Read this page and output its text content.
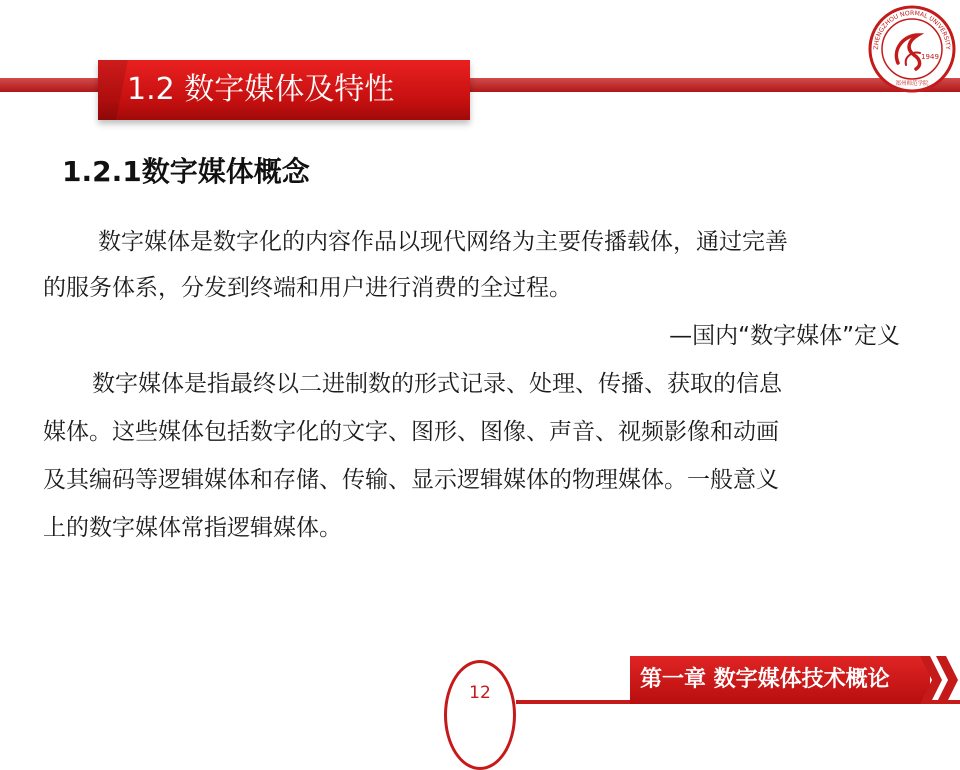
1.2 数字媒体及特性
ZHENGZHOU NORMAL UNIVERSITY
1949
郑州师范学院
1.2.1数字媒体概念
数字媒体是数字化的内容作品以现代网络为主要传播载体，通过完善
的服务体系，分发到终端和用户进行消费的全过程。
—国内“数字媒体”定义
数字媒体是指最终以二进制数的形式记录、处理、传播、获取的信息
媒体。这些媒体包括数字化的文字、图形、图像、声音、视频影像和动画
及其编码等逻辑媒体和存储、传输、显示逻辑媒体的物理媒体。一般意义
上的数字媒体常指逻辑媒体。
12
第一章 数字媒体技术概论
